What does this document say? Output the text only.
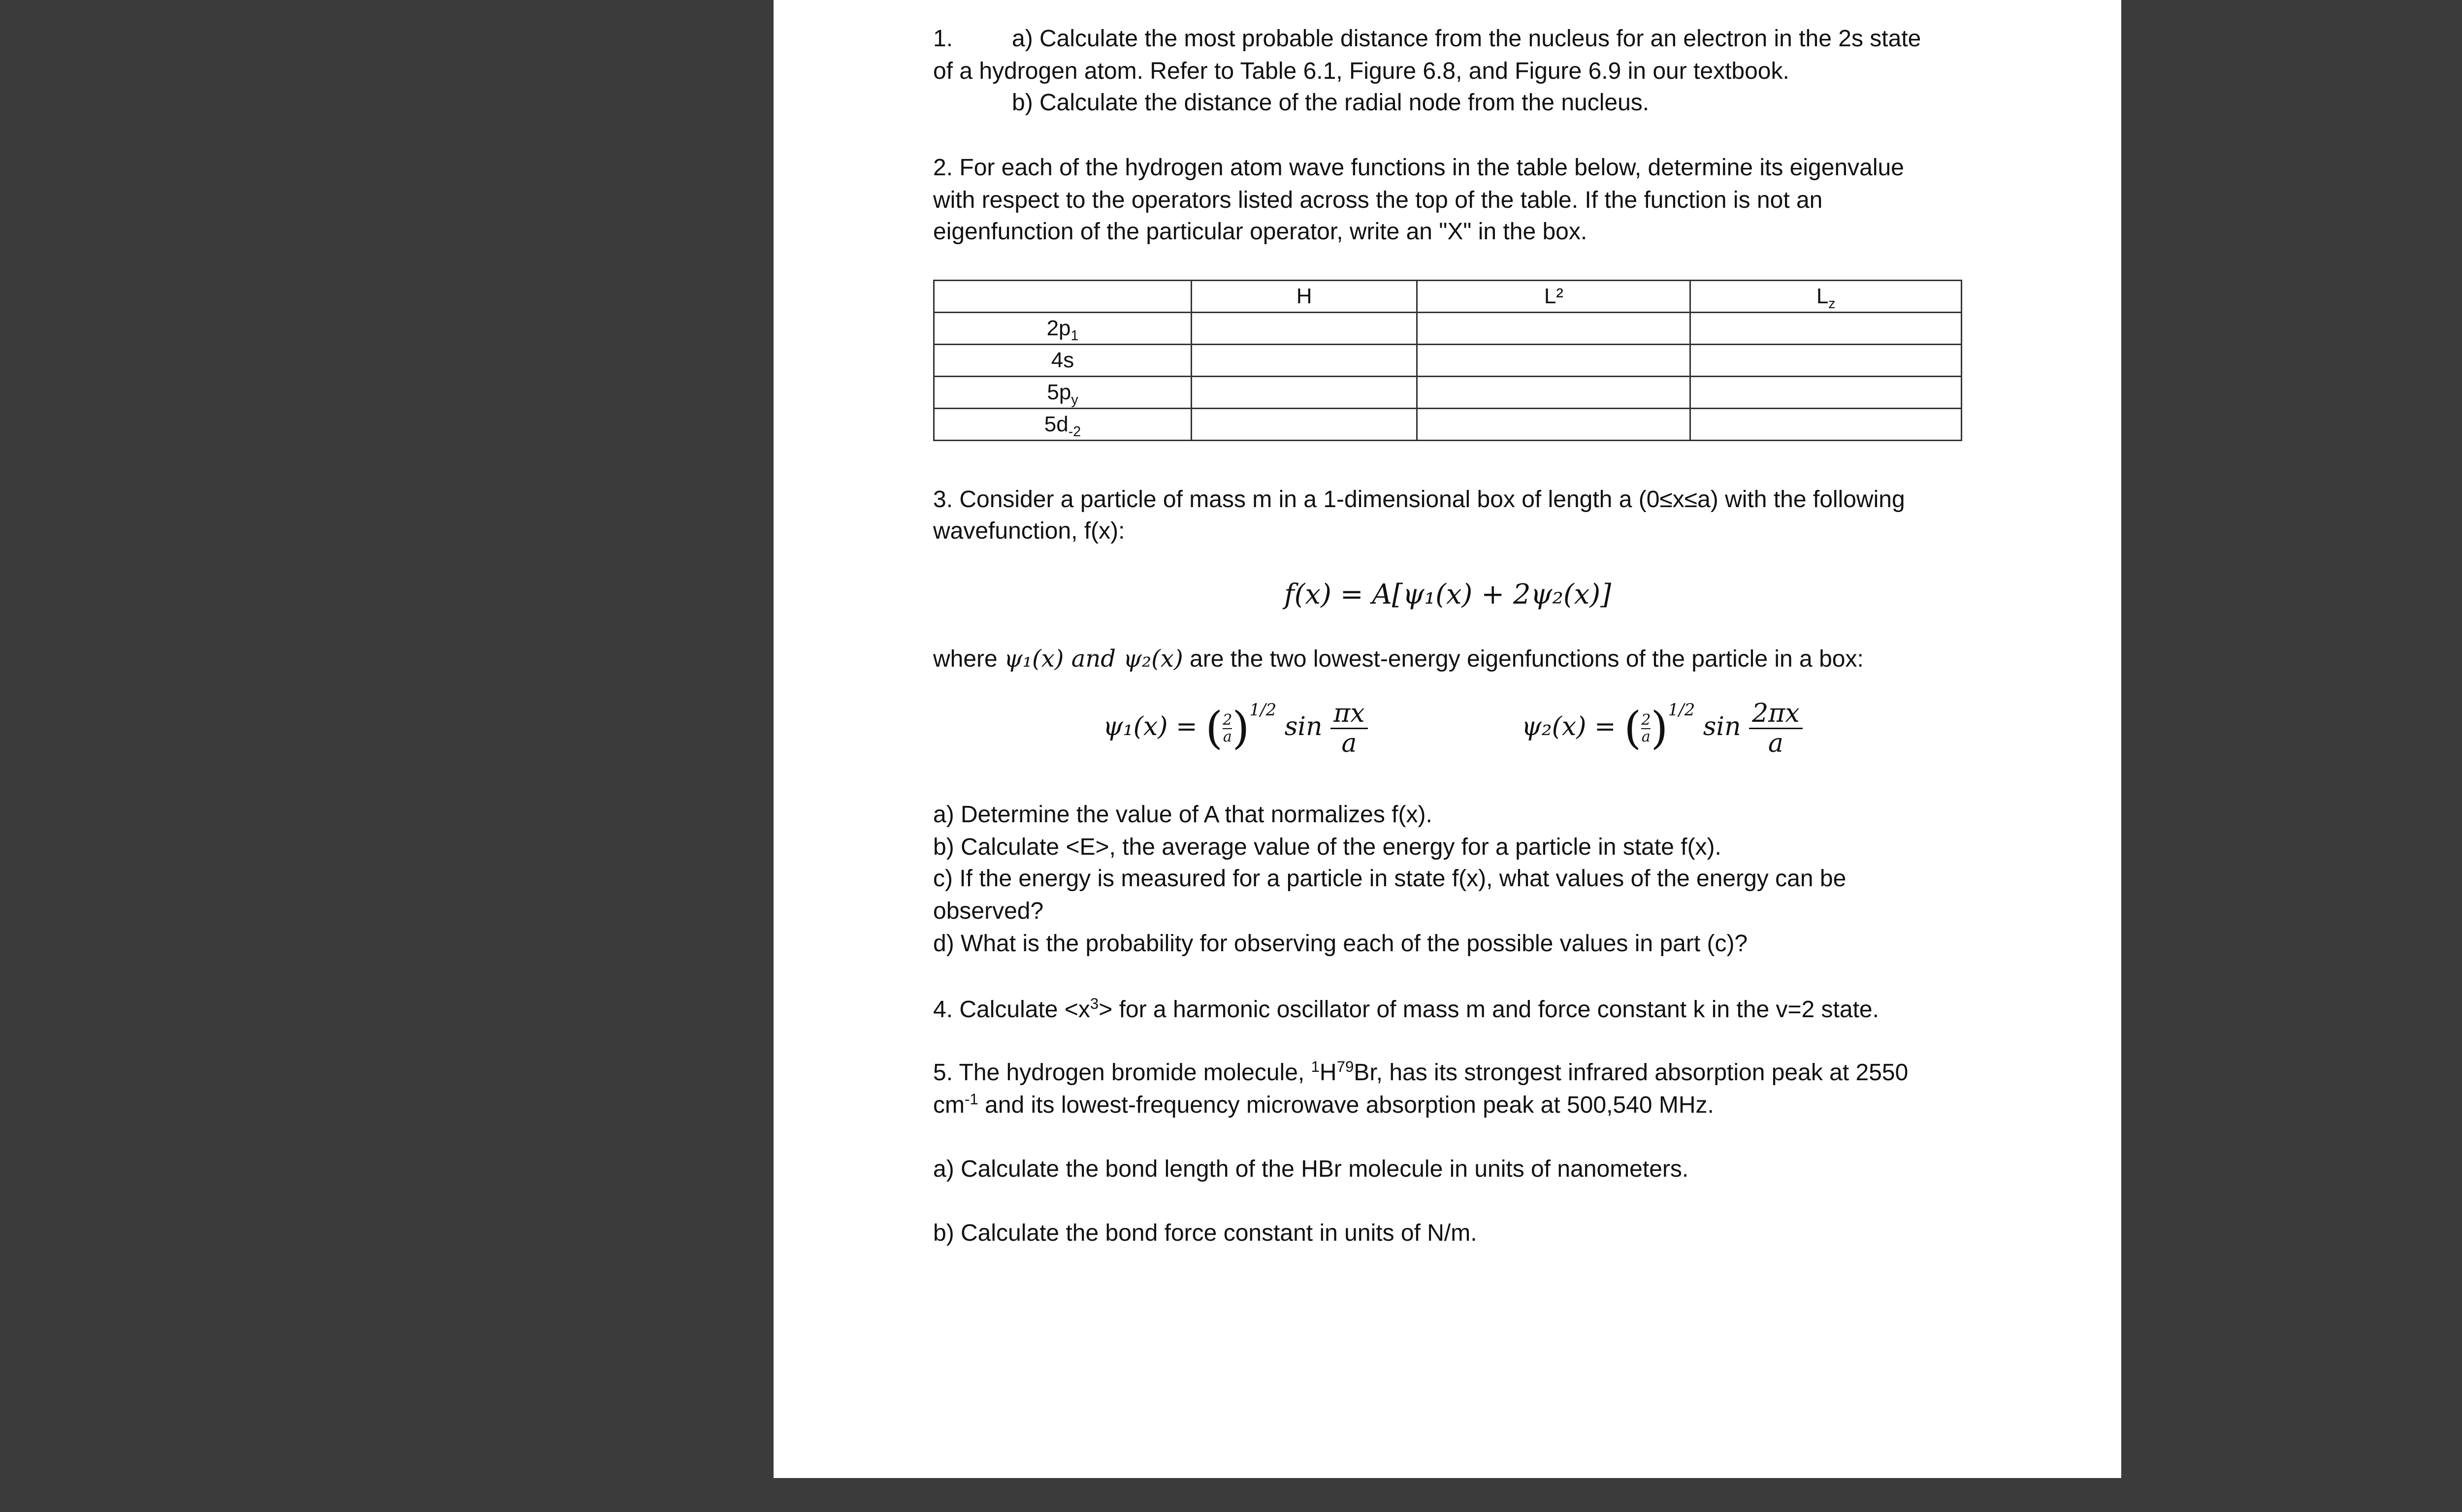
1. a) Calculate the most probable distance from the nucleus for an electron in the 2s state
of a hydrogen atom. Refer to Table 6.1, Figure 6.8, and Figure 6.9 in our textbook.
b) Calculate the distance of the radial node from the nucleus.
2. For each of the hydrogen atom wave functions in the table below, determine its eigenvalue
with respect to the operators listed across the top of the table. If the function is not an
eigenfunction of the particular operator, write an "X" in the box.
	H	L²	$L_z$
$2p_1$			
4s			
$5p_y$			
$5d_{-2}$			
3. Consider a particle of mass m in a 1-dimensional box of length a (0≤x≤a) with the following
wavefunction, f(x):
f(x) = A[ψ₁(x) + 2ψ₂(x)]
where ψ₁(x) and ψ₂(x) are the two lowest-energy eigenfunctions of the particle in a box:
ψ₁(x) = ( $\frac{2}{a} )^{1/2}$ $\sin \frac{\pi x}{a}$	ψ₂(x) = ( $\frac{2}{a} )^{1/2}$ $\sin \frac{2\pi x}{a}$
a) Determine the value of A that normalizes f(x).
b) Calculate <E>, the average value of the energy for a particle in state f(x).
c) If the energy is measured for a particle in state f(x), what values of the energy can be
observed?
d) What is the probability for observing each of the possible values in part (c)?
4. Calculate $<x^3>$ for a harmonic oscillator of mass m and force constant k in the v=2 state.
5. The hydrogen bromide molecule, $^1H^{79}Br$, has its strongest infrared absorption peak at 2550
$cm^{-1}$ and its lowest-frequency microwave absorption peak at 500,540 MHz.
a) Calculate the bond length of the HBr molecule in units of nanometers.
b) Calculate the bond force constant in units of N/m.
